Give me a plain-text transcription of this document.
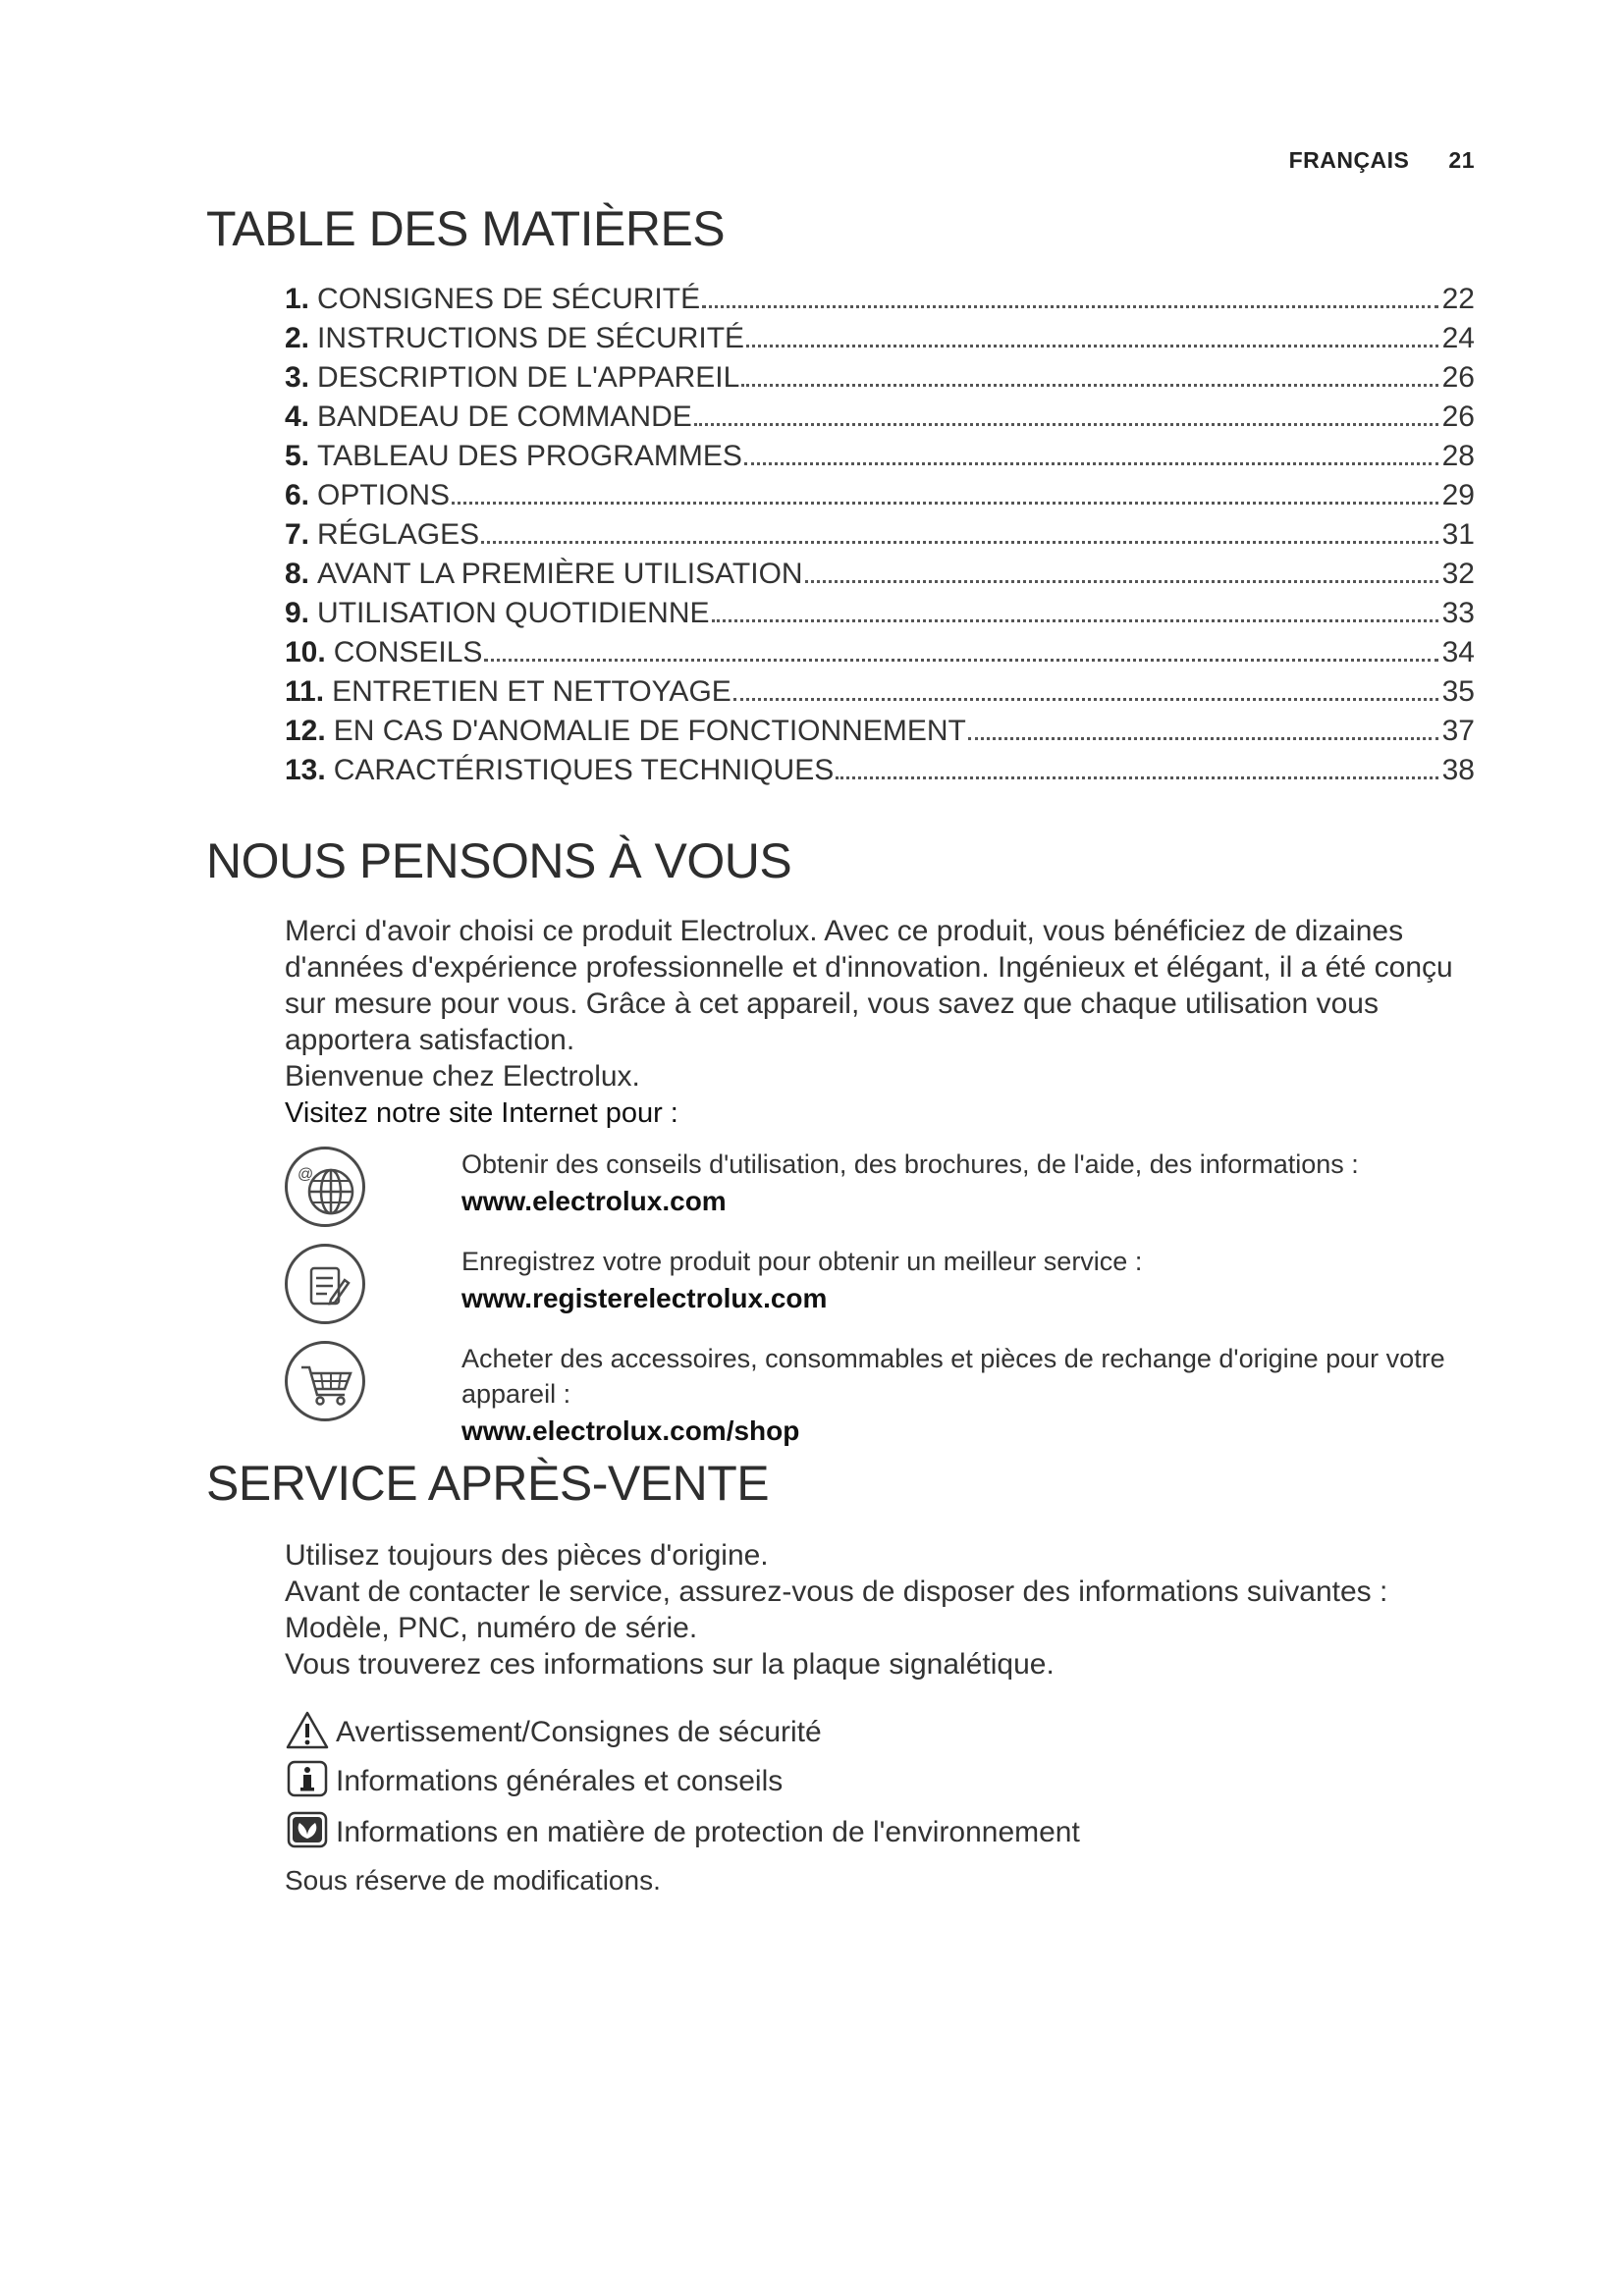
FRANÇAIS 21
TABLE DES MATIÈRES
1. CONSIGNES DE SÉCURITÉ	22
2. INSTRUCTIONS DE SÉCURITÉ	24
3. DESCRIPTION DE L'APPAREIL	26
4. BANDEAU DE COMMANDE	26
5. TABLEAU DES PROGRAMMES	28
6. OPTIONS	29
7. RÉGLAGES	31
8. AVANT LA PREMIÈRE UTILISATION	32
9. UTILISATION QUOTIDIENNE	33
10. CONSEILS	34
11. ENTRETIEN ET NETTOYAGE	35
12. EN CAS D'ANOMALIE DE FONCTIONNEMENT	37
13. CARACTÉRISTIQUES TECHNIQUES	38
NOUS PENSONS À VOUS

Merci d'avoir choisi ce produit Electrolux. Avec ce produit, vous bénéficiez de dizaines d'années d'expérience professionnelle et d'innovation. Ingénieux et élégant, il a été conçu sur mesure pour vous. Grâce à cet appareil, vous savez que chaque utilisation vous apportera satisfaction.

Bienvenue chez Electrolux.

Visitez notre site Internet pour :
@	Obtenir des conseils d'utilisation, des brochures, de l'aide, des informations :
www.electrolux.com
Enregistrez votre produit pour obtenir un meilleur service :
www.registerelectrolux.com
Acheter des accessoires, consommables et pièces de rechange d'origine pour votre appareil :
www.electrolux.com/shop
SERVICE APRÈS-VENTE

Utilisez toujours des pièces d'origine.

Avant de contacter le service, assurez-vous de disposer des informations suivantes : Modèle, PNC, numéro de série.

Vous trouverez ces informations sur la plaque signalétique.

Avertissement/Consignes de sécurité
Informations générales et conseils
Informations en matière de protection de l'environnement
Sous réserve de modifications.
